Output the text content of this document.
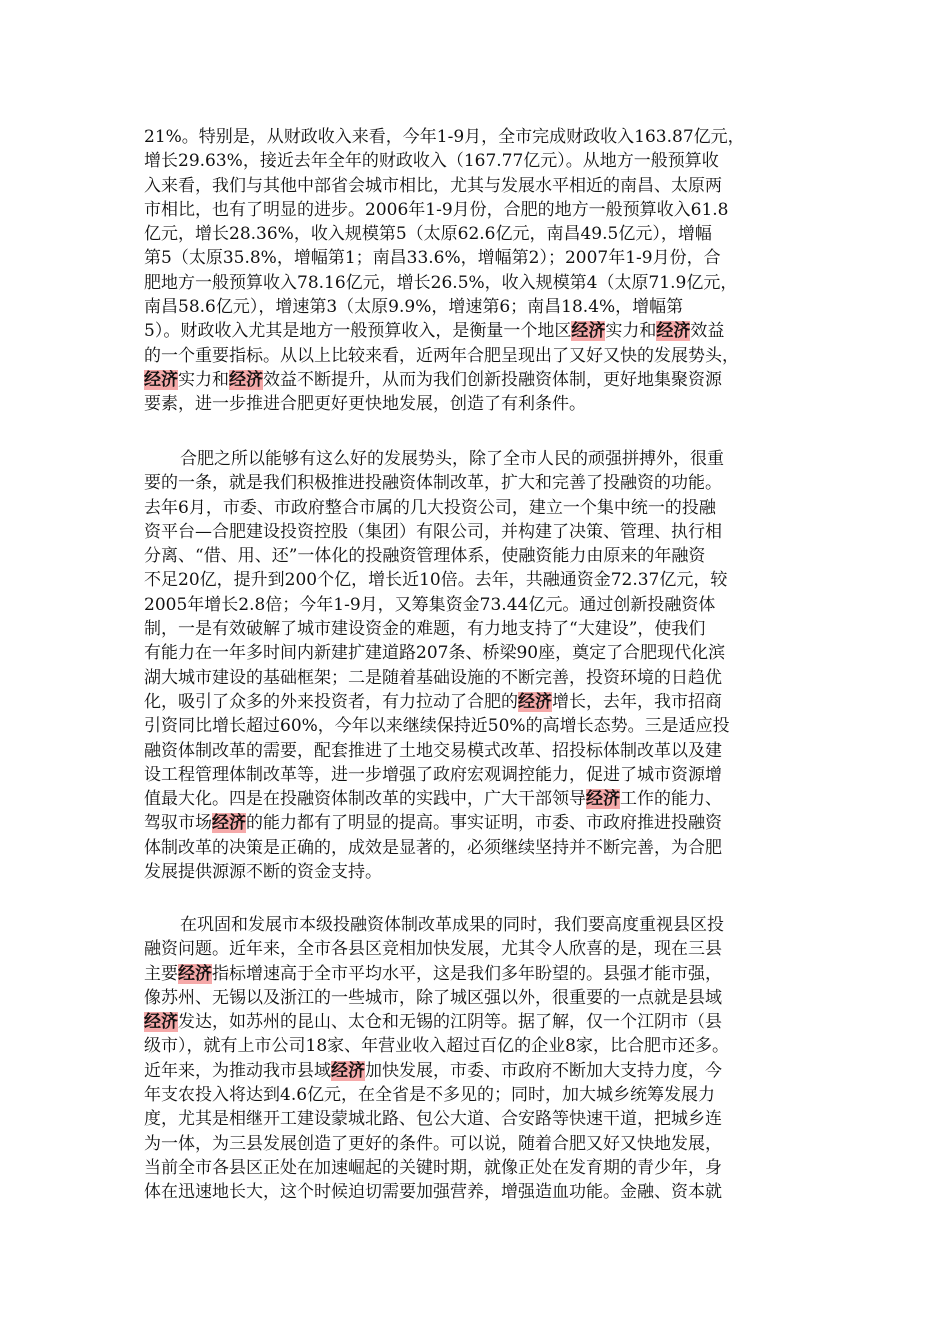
21%。特别是，从财政收入来看，今年1-9月，全市完成财政收入163.87亿元，
增长29.63%，接近去年全年的财政收入（167.77亿元）。从地方一般预算收
入来看，我们与其他中部省会城市相比，尤其与发展水平相近的南昌、太原两
市相比，也有了明显的进步。2006年1-9月份，合肥的地方一般预算收入61.8
亿元，增长28.36%，收入规模第5（太原62.6亿元，南昌49.5亿元），增幅
第5（太原35.8%，增幅第1；南昌33.6%，增幅第2）；2007年1-9月份，合
肥地方一般预算收入78.16亿元，增长26.5%，收入规模第4（太原71.9亿元，
南昌58.6亿元），增速第3（太原9.9%，增速第6；南昌18.4%，增幅第
5）。财政收入尤其是地方一般预算收入，是衡量一个地区经济实力和经济效益
的一个重要指标。从以上比较来看，近两年合肥呈现出了又好又快的发展势头，
经济实力和经济效益不断提升，从而为我们创新投融资体制，更好地集聚资源
要素，进一步推进合肥更好更快地发展，创造了有利条件。
合肥之所以能够有这么好的发展势头，除了全市人民的顽强拼搏外，很重
要的一条，就是我们积极推进投融资体制改革，扩大和完善了投融资的功能。
去年6月，市委、市政府整合市属的几大投资公司，建立一个集中统一的投融
资平台—合肥建设投资控股（集团）有限公司，并构建了决策、管理、执行相
分离、“借、用、还”一体化的投融资管理体系，使融资能力由原来的年融资
不足20亿，提升到200个亿，增长近10倍。去年，共融通资金72.37亿元，较
2005年增长2.8倍；今年1-9月，又筹集资金73.44亿元。通过创新投融资体
制，一是有效破解了城市建设资金的难题，有力地支持了“大建设”，使我们
有能力在一年多时间内新建扩建道路207条、桥梁90座，奠定了合肥现代化滨
湖大城市建设的基础框架；二是随着基础设施的不断完善，投资环境的日趋优
化，吸引了众多的外来投资者，有力拉动了合肥的经济增长，去年，我市招商
引资同比增长超过60%，今年以来继续保持近50%的高增长态势。三是适应投
融资体制改革的需要，配套推进了土地交易模式改革、招投标体制改革以及建
设工程管理体制改革等，进一步增强了政府宏观调控能力，促进了城市资源增
值最大化。四是在投融资体制改革的实践中，广大干部领导经济工作的能力、
驾驭市场经济的能力都有了明显的提高。事实证明，市委、市政府推进投融资
体制改革的决策是正确的，成效是显著的，必须继续坚持并不断完善，为合肥
发展提供源源不断的资金支持。
在巩固和发展市本级投融资体制改革成果的同时，我们要高度重视县区投
融资问题。近年来，全市各县区竞相加快发展，尤其令人欣喜的是，现在三县
主要经济指标增速高于全市平均水平，这是我们多年盼望的。县强才能市强，
像苏州、无锡以及浙江的一些城市，除了城区强以外，很重要的一点就是县域
经济发达，如苏州的昆山、太仓和无锡的江阴等。据了解，仅一个江阴市（县
级市），就有上市公司18家、年营业收入超过百亿的企业8家，比合肥市还多。
近年来，为推动我市县域经济加快发展，市委、市政府不断加大支持力度，今
年支农投入将达到4.6亿元，在全省是不多见的；同时，加大城乡统筹发展力
度，尤其是相继开工建设蒙城北路、包公大道、合安路等快速干道，把城乡连
为一体，为三县发展创造了更好的条件。可以说，随着合肥又好又快地发展，
当前全市各县区正处在加速崛起的关键时期，就像正处在发育期的青少年，身
体在迅速地长大，这个时候迫切需要加强营养，增强造血功能。金融、资本就
